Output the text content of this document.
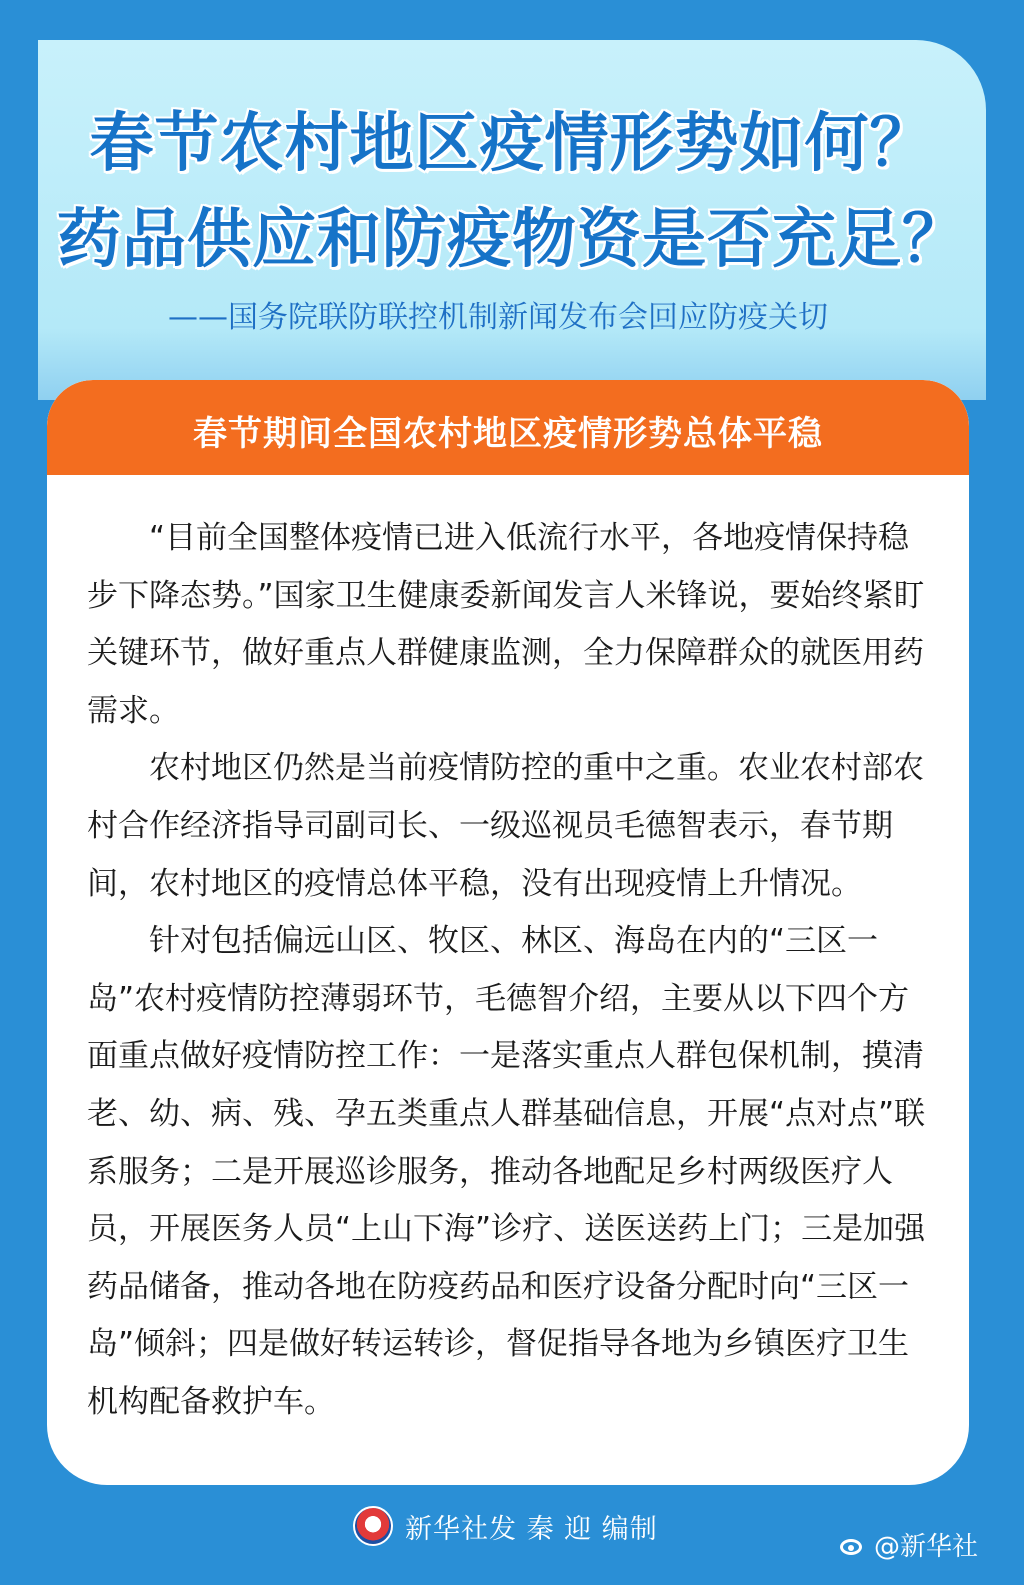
春节农村地区疫情形势如何？
药品供应和防疫物资是否充足？
——国务院联防联控机制新闻发布会回应防疫关切
春节期间全国农村地区疫情形势总体平稳

“目前全国整体疫情已进入低流行水平，各地疫情保持稳步下降态势。”国家卫生健康委新闻发言人米锋说，要始终紧盯关键环节，做好重点人群健康监测，全力保障群众的就医用药需求。

农村地区仍然是当前疫情防控的重中之重。农业农村部农村合作经济指导司副司长、一级巡视员毛德智表示，春节期间，农村地区的疫情总体平稳，没有出现疫情上升情况。

针对包括偏远山区、牧区、林区、海岛在内的“三区一岛”农村疫情防控薄弱环节，毛德智介绍，主要从以下四个方面重点做好疫情防控工作：一是落实重点人群包保机制，摸清老、幼、病、残、孕五类重点人群基础信息，开展“点对点”联系服务；二是开展巡诊服务，推动各地配足乡村两级医疗人员，开展医务人员“上山下海”诊疗、送医送药上门；三是加强药品储备，推动各地在防疫药品和医疗设备分配时向“三区一岛”倾斜；四是做好转运转诊，督促指导各地为乡镇医疗卫生机构配备救护车。

新华社发 秦 迎 编制
@新华社
